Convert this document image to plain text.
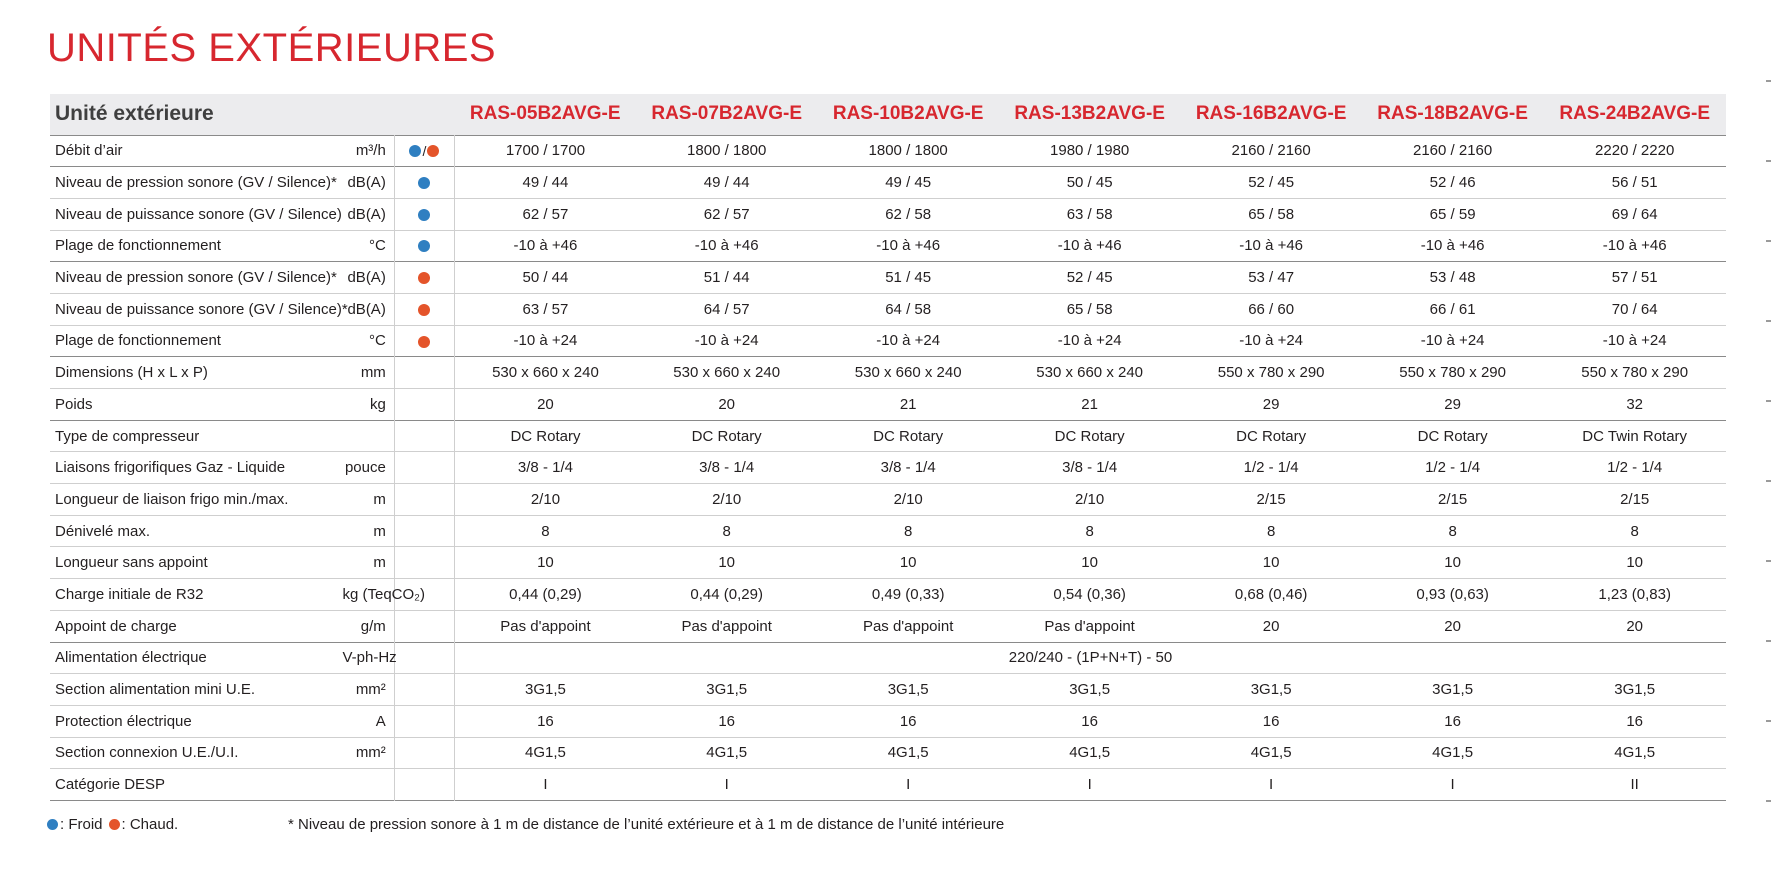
UNITÉS EXTÉRIEURES
Unité extérieure			RAS-05B2AVG-E	RAS-07B2AVG-E	RAS-10B2AVG-E	RAS-13B2AVG-E	RAS-16B2AVG-E	RAS-18B2AVG-E	RAS-24B2AVG-E
Débit d’air	m³/h	/	1700 / 1700	1800 / 1800	1800 / 1800	1980 / 1980	2160 / 2160	2160 / 2160	2220 / 2220
Niveau de pression sonore (GV / Silence)*	dB(A)		49 / 44	49 / 44	49 / 45	50 / 45	52 / 45	52 / 46	56 / 51
Niveau de puissance sonore (GV / Silence)	dB(A)		62 / 57	62 / 57	62 / 58	63 / 58	65 / 58	65 / 59	69 / 64
Plage de fonctionnement	°C		-10 à +46	-10 à +46	-10 à +46	-10 à +46	-10 à +46	-10 à +46	-10 à +46
Niveau de pression sonore (GV / Silence)*	dB(A)		50 / 44	51 / 44	51 / 45	52 / 45	53 / 47	53 / 48	57 / 51
Niveau de puissance sonore (GV / Silence)*	dB(A)		63 / 57	64 / 57	64 / 58	65 / 58	66 / 60	66 / 61	70 / 64
Plage de fonctionnement	°C		-10 à +24	-10 à +24	-10 à +24	-10 à +24	-10 à +24	-10 à +24	-10 à +24
Dimensions (H x L x P)	mm		530 x 660 x 240	530 x 660 x 240	530 x 660 x 240	530 x 660 x 240	550 x 780 x 290	550 x 780 x 290	550 x 780 x 290
Poids	kg		20	20	21	21	29	29	32
Type de compresseur			DC Rotary	DC Rotary	DC Rotary	DC Rotary	DC Rotary	DC Rotary	DC Twin Rotary
Liaisons frigorifiques Gaz - Liquide	pouce		3/8 - 1/4	3/8 - 1/4	3/8 - 1/4	3/8 - 1/4	1/2 - 1/4	1/2 - 1/4	1/2 - 1/4
Longueur de liaison frigo min./max.	m		2/10	2/10	2/10	2/10	2/15	2/15	2/15
Dénivelé max.	m		8	8	8	8	8	8	8
Longueur sans appoint	m		10	10	10	10	10	10	10
Charge initiale de R32	kg (TeqCO₂)		0,44 (0,29)	0,44 (0,29)	0,49 (0,33)	0,54 (0,36)	0,68 (0,46)	0,93 (0,63)	1,23 (0,83)
Appoint de charge	g/m		Pas d'appoint	Pas d'appoint	Pas d'appoint	Pas d'appoint	20	20	20
Alimentation électrique	V-ph-Hz		220/240 - (1P+N+T) - 50						
Section alimentation mini U.E.	mm²		3G1,5	3G1,5	3G1,5	3G1,5	3G1,5	3G1,5	3G1,5
Protection électrique	A		16	16	16	16	16	16	16
Section connexion U.E./U.I.	mm²		4G1,5	4G1,5	4G1,5	4G1,5	4G1,5	4G1,5	4G1,5
Catégorie DESP			I	I	I	I	I	I	II
: Froid : Chaud.	* Niveau de pression sonore à 1 m de distance de l’unité extérieure et à 1 m de distance de l’unité intérieure
